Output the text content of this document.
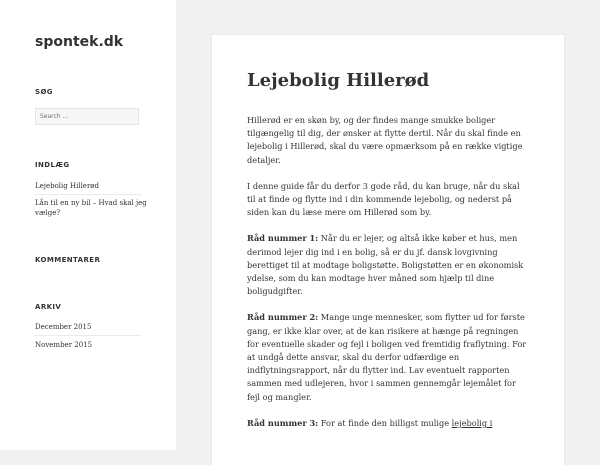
spontek.dk
SØG
Search …
INDLÆG
Lejebolig Hillerød
Lån til en ny bil – Hvad skal jeg vælge?
KOMMENTARER
ARKIV
December 2015
November 2015
Lejebolig Hillerød

Hillerød er en skøn by, og der findes mange smukke boliger tilgængelig til dig, der ønsker at flytte dertil. Når du skal finde en lejebolig i Hillerød, skal du være opmærksom på en række vigtige detaljer.

I denne guide får du derfor 3 gode råd, du kan bruge, når du skal til at finde og flytte ind i din kommende lejebolig, og nederst på siden kan du læse mere om Hillerød som by.

Råd nummer 1: Når du er lejer, og altså ikke køber et hus, men derimod lejer dig ind i en bolig, så er du jf. dansk lovgivning berettiget til at modtage boligstøtte. Boligstøtten er en økonomisk ydelse, som du kan modtage hver måned som hjælp til dine boligudgifter.

Råd nummer 2: Mange unge mennesker, som flytter ud for første gang, er ikke klar over, at de kan risikere at hænge på regningen for eventuelle skader og fejl i boligen ved fremtidig fraflytning. For at undgå dette ansvar, skal du derfor udfærdige en indflytningsrapport, når du flytter ind. Lav eventuelt rapporten sammen med udlejeren, hvor i sammen gennemgår lejemålet for fejl og mangler.

Råd nummer 3: For at finde den billigst mulige lejebolig i
